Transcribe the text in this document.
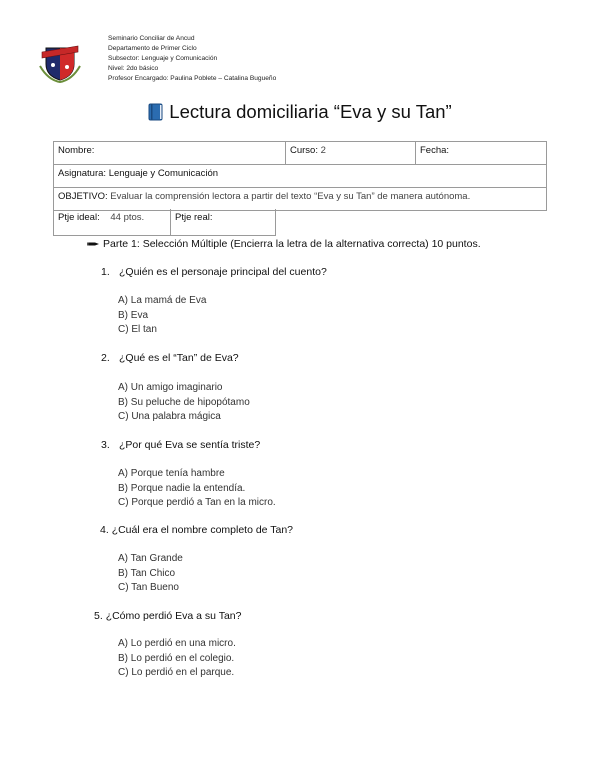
Seminario Conciliar de Ancud
Departamento de Primer Ciclo
Subsector: Lenguaje y Comunicación
Nivel: 2do básico
Profesor Encargado: Paulina Poblete – Catalina Bugueño
Lectura domiciliaria “Eva y su Tan”
Nombre:	Curso: 2	Fecha:
Asignatura: Lenguaje y Comunicación
OBJETIVO: Evaluar la comprensión lectora a partir del texto “Eva y su Tan” de manera autónoma.
Ptje ideal: 44 ptos.	Ptje real:
Parte 1: Selección Múltiple (Encierra la letra de la alternativa correcta) 10 puntos.
1. ¿Quién es el personaje principal del cuento?
A) La mamá de Eva
B) Eva
C) El tan
2. ¿Qué es el “Tan” de Eva?
A) Un amigo imaginario
B) Su peluche de hipopótamo
C) Una palabra mágica
3. ¿Por qué Eva se sentía triste?
A) Porque tenía hambre
B) Porque nadie la entendía.
C) Porque perdió a Tan en la micro.
4. ¿Cuál era el nombre completo de Tan?
A) Tan Grande
B) Tan Chico
C) Tan Bueno
5. ¿Cómo perdió Eva a su Tan?
A) Lo perdió en una micro.
B) Lo perdió en el colegio.
C) Lo perdió en el parque.
